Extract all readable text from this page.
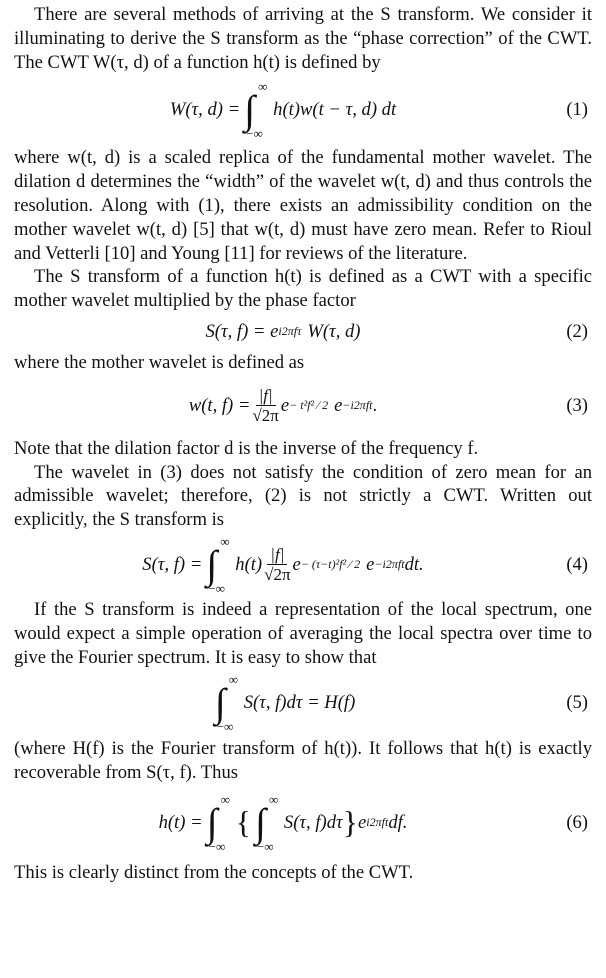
There are several methods of arriving at the S transform. We consider it illuminating to derive the S transform as the “phase correction” of the CWT. The CWT W(τ, d) of a function h(t) is defined by

W(τ, d) = ∫
∞
−∞
h(t)w(t − τ, d) dt	(1)

where w(t, d) is a scaled replica of the fundamental mother wavelet. The dilation d determines the “width” of the wavelet w(t, d) and thus controls the resolution. Along with (1), there exists an admissibility condition on the mother wavelet w(t, d) [5] that w(t, d) must have zero mean. Refer to Rioul and Vetterli [10] and Young [11] for reviews of the literature.

The S transform of a function h(t) is defined as a CWT with a specific mother wavelet multiplied by the phase factor

S(τ, f) = e i2πfτ W(τ, d)	(2)

where the mother wavelet is defined as

w(t, $f) = \frac{|f|}{√2\pi}$ e − t²f² ⁄ 2 e −i2πft .	(3)

Note that the dilation factor d is the inverse of the frequency f.

The wavelet in (3) does not satisfy the condition of zero mean for an admissible wavelet; therefore, (2) is not strictly a CWT. Written out explicitly, the S transform is

S(τ, f) = ∫
∞
−∞
$h(t) \frac{|f|}{√2\pi}$ e − (τ−t)²f² ⁄ 2 e −i2πft dt.	(4)

If the S transform is indeed a representation of the local spectrum, one would expect a simple operation of averaging the local spectra over time to give the Fourier spectrum. It is easy to show that

∫
∞
−∞
S(τ, f)dτ = H(f)	(5)

(where H(f) is the Fourier transform of h(t)). It follows that h(t) is exactly recoverable from S(τ, f). Thus

h(t) = ∫
∞
−∞
{ ∫
∞
−∞
S(τ, f)dτ } e i2πft df.	(6)

This is clearly distinct from the concepts of the CWT.
